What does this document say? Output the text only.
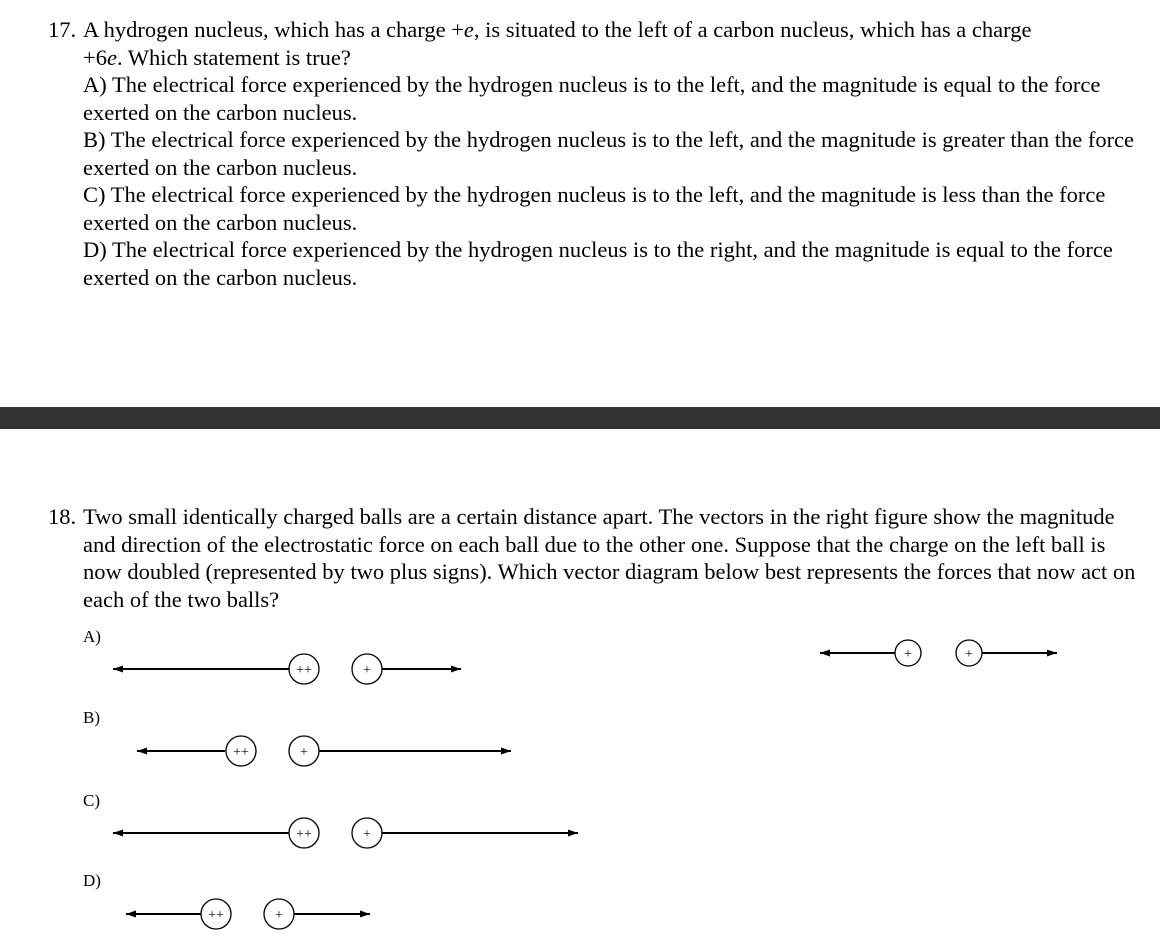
17. A hydrogen nucleus, which has a charge +e, is situated to the left of a carbon nucleus, which has a charge
+6e. Which statement is true?
A) The electrical force experienced by the hydrogen nucleus is to the left, and the magnitude is equal to the force exerted on the carbon nucleus.
B) The electrical force experienced by the hydrogen nucleus is to the left, and the magnitude is greater than the force exerted on the carbon nucleus.
C) The electrical force experienced by the hydrogen nucleus is to the left, and the magnitude is less than the force exerted on the carbon nucleus.
D) The electrical force experienced by the hydrogen nucleus is to the right, and the magnitude is equal to the force exerted on the carbon nucleus.
18. Two small identically charged balls are a certain distance apart. The vectors in the right figure show the magnitude and direction of the electrostatic force on each ball due to the other one. Suppose that the charge on the left ball is now doubled (represented by two plus signs). Which vector diagram below best represents the forces that now act on each of the two balls?
+	+
A)
++	+
B)
++	+
C)
++	+
D)
++	+
